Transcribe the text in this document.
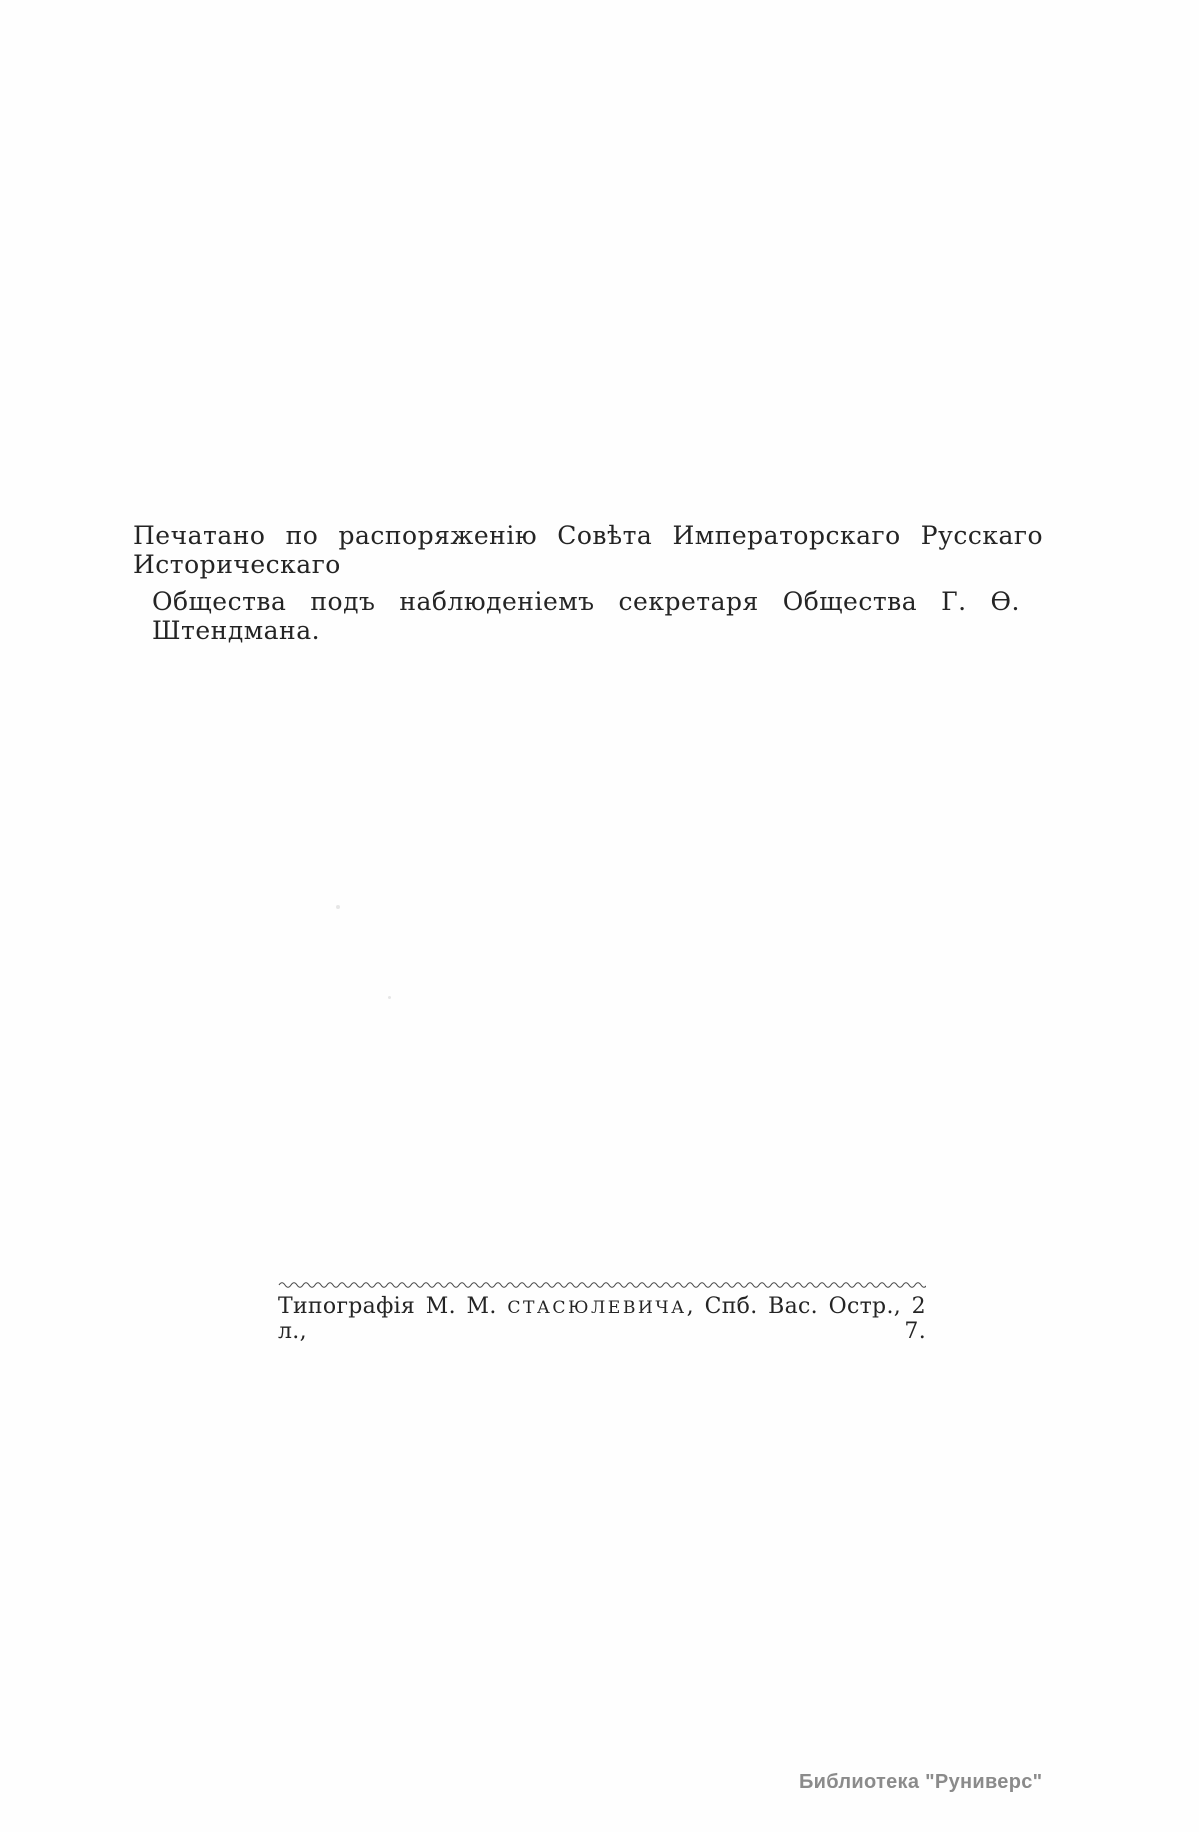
Печатано по распоряженію Совѣта Императорскаго Русскаго Историческаго

Общества подъ наблюденіемъ секретаря Общества Г. Ѳ. Штендмана.

Типографія М. М. СТАСЮЛЕВИЧА, Спб. Вас. Остр., 2 л., 7.

Библиотека "Руниверс"
